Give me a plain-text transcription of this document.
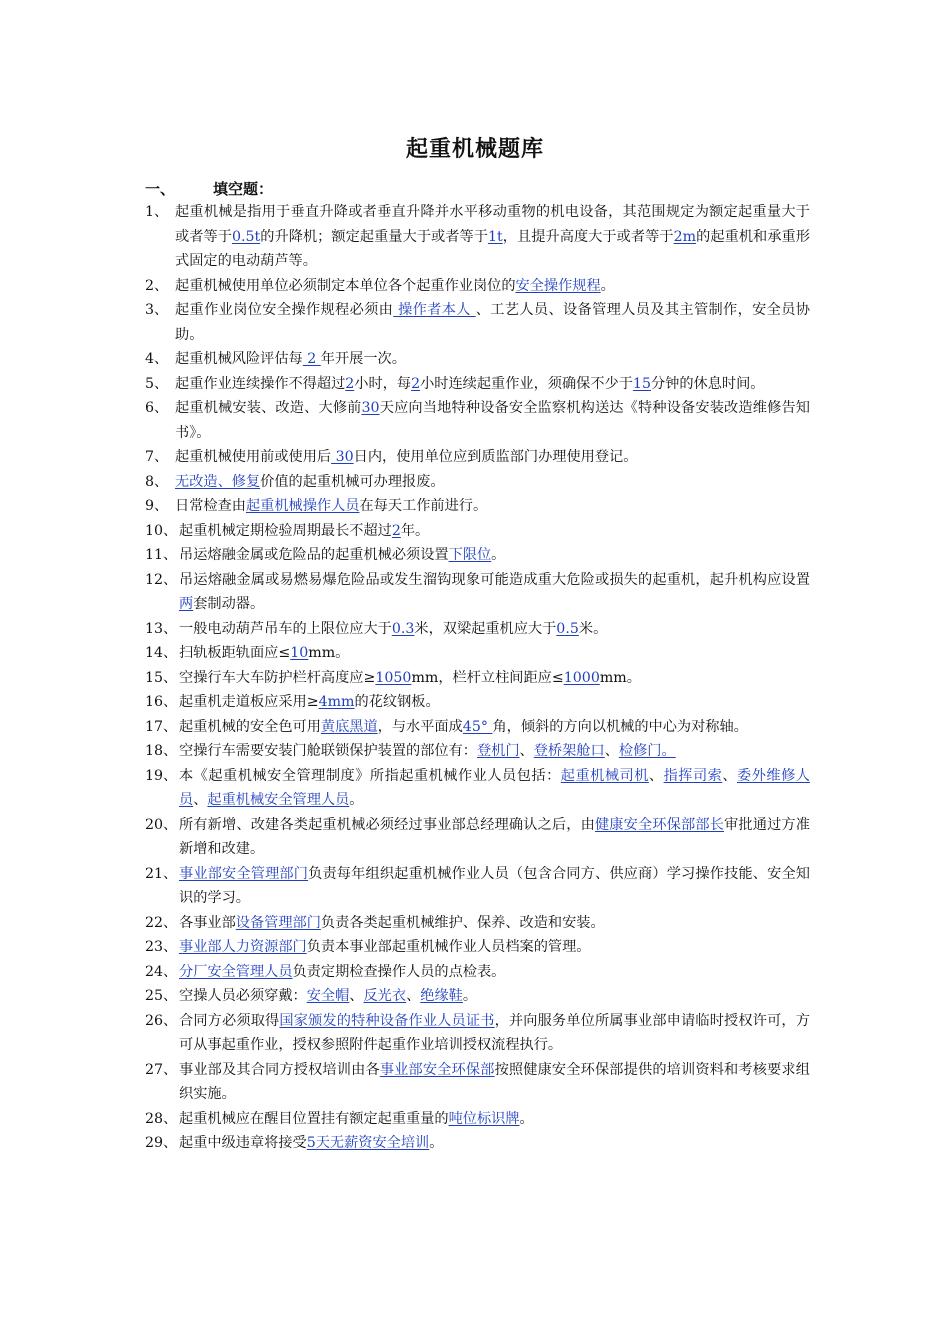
起重机械题库
一、	填空题：
1、 起重机械是指用于垂直升降或者垂直升降并水平移动重物的机电设备，其范围规定为额定起重量大于或者等于0.5t的升降机；额定起重量大于或者等于1t，且提升高度大于或者等于2m的起重机和承重形式固定的电动葫芦等。
2、 起重机械使用单位必须制定本单位各个起重作业岗位的安全操作规程。
3、 起重作业岗位安全操作规程必须由 操作者本人 、工艺人员、设备管理人员及其主管制作，安全员协助。
4、 起重机械风险评估每 2 年开展一次。
5、 起重作业连续操作不得超过2小时，每2小时连续起重作业，须确保不少于15分钟的休息时间。
6、 起重机械安装、改造、大修前30天应向当地特种设备安全监察机构送达《特种设备安装改造维修告知书》。
7、 起重机械使用前或使用后 30日内，使用单位应到质监部门办理使用登记。
8、 无改造、修复价值的起重机械可办理报废。
9、 日常检查由起重机械操作人员在每天工作前进行。
10、 起重机械定期检验周期最长不超过2年。
11、 吊运熔融金属或危险品的起重机械必须设置下限位。
12、 吊运熔融金属或易燃易爆危险品或发生溜钩现象可能造成重大危险或损失的起重机，起升机构应设置两套制动器。
13、 一般电动葫芦吊车的上限位应大于0.3米，双梁起重机应大于0.5米。
14、 扫轨板距轨面应≤10mm。
15、 空操行车大车防护栏杆高度应≥1050mm，栏杆立柱间距应≤1000mm。
16、 起重机走道板应采用≥4mm的花纹钢板。
17、 起重机械的安全色可用黄底黑道，与水平面成45° 角，倾斜的方向以机械的中心为对称轴。
18、 空操行车需要安装门舱联锁保护装置的部位有：登机门、登桥架舱口、检修门。
19、 本《起重机械安全管理制度》所指起重机械作业人员包括：起重机械司机、指挥司索、委外维修人员、起重机械安全管理人员。
20、 所有新增、改建各类起重机械必须经过事业部总经理确认之后，由健康安全环保部部长审批通过方准新增和改建。
21、 事业部安全管理部门负责每年组织起重机械作业人员（包含合同方、供应商）学习操作技能、安全知识的学习。
22、 各事业部设备管理部门负责各类起重机械维护、保养、改造和安装。
23、 事业部人力资源部门负责本事业部起重机械作业人员档案的管理。
24、 分厂安全管理人员负责定期检查操作人员的点检表。
25、 空操人员必须穿戴：安全帽、反光衣、绝缘鞋。
26、 合同方必须取得国家颁发的特种设备作业人员证书，并向服务单位所属事业部申请临时授权许可，方可从事起重作业，授权参照附件起重作业培训授权流程执行。
27、 事业部及其合同方授权培训由各事业部安全环保部按照健康安全环保部提供的培训资料和考核要求组织实施。
28、 起重机械应在醒目位置挂有额定起重重量的吨位标识牌。
29、 起重中级违章将接受5天无薪资安全培训。
